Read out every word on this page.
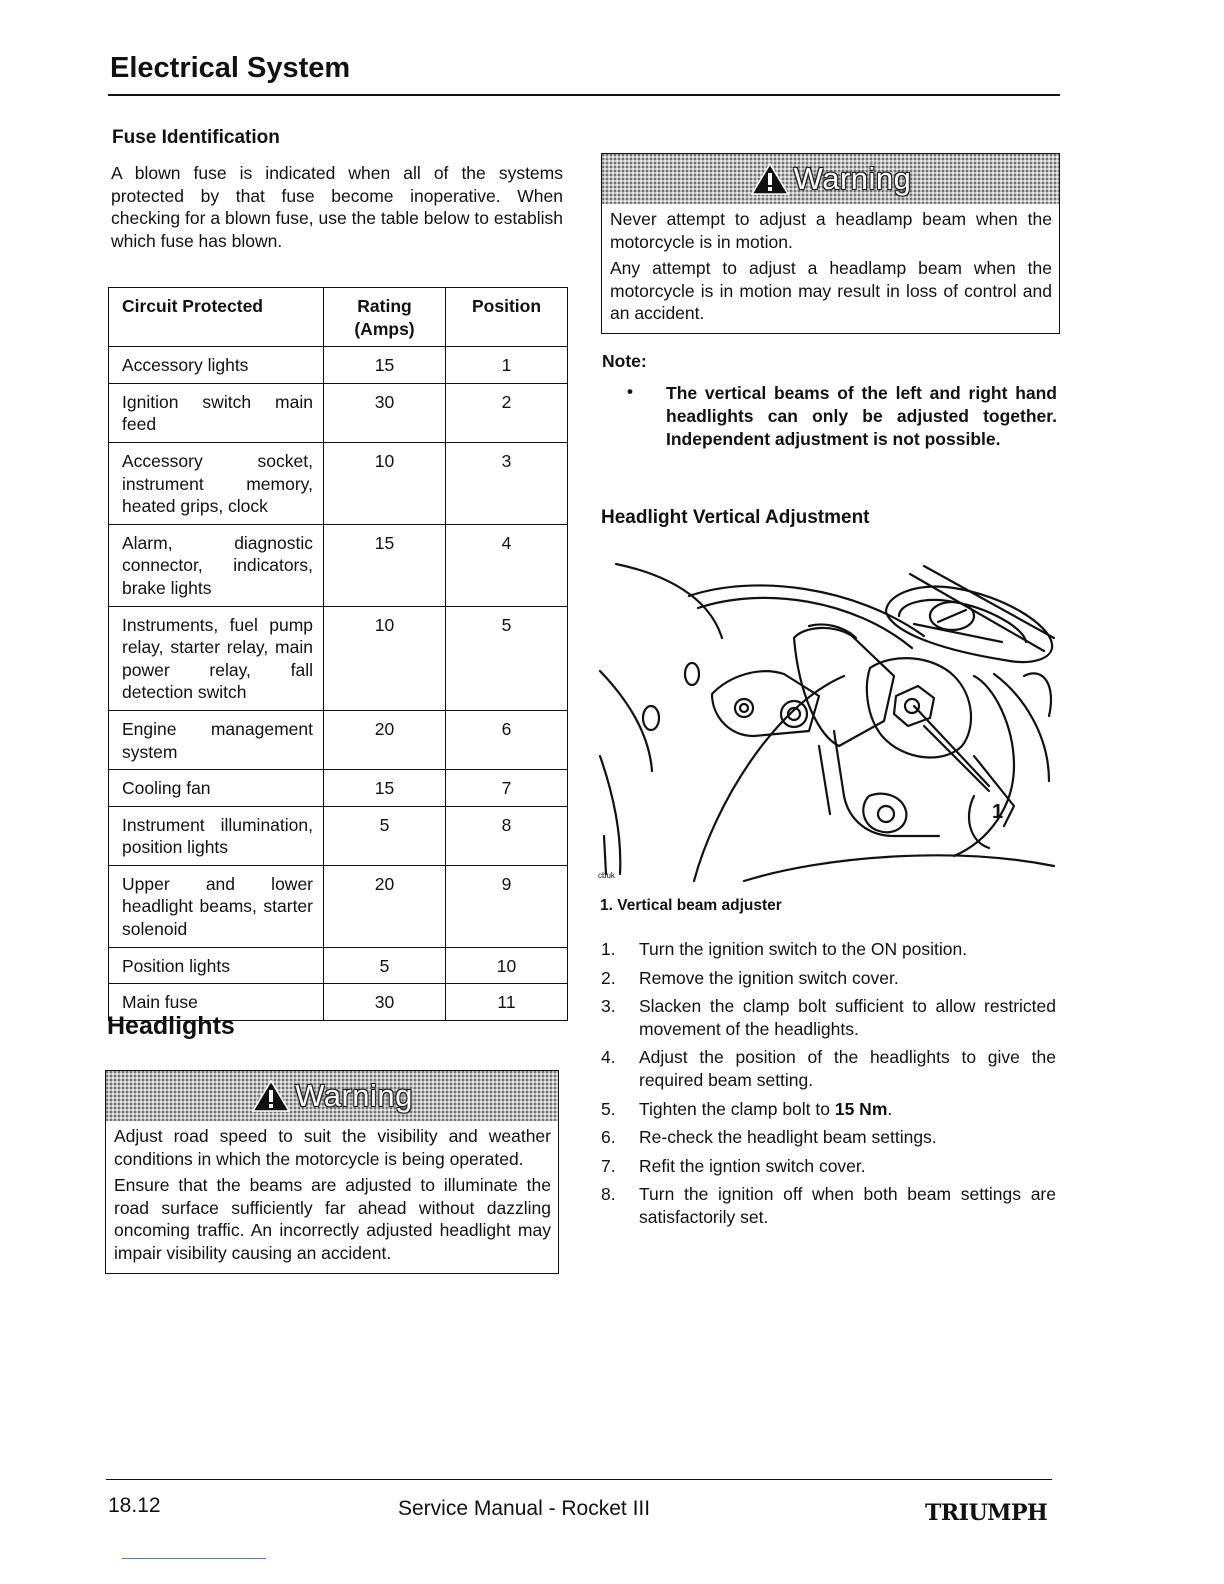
Electrical System
Fuse Identification
A blown fuse is indicated when all of the systems protected by that fuse become inoperative. When checking for a blown fuse, use the table below to establish which fuse has blown.
Circuit Protected	Rating (Amps)	Position
Accessory lights	15	1
Ignition switch main feed	30	2
Accessory socket, instrument memory, heated grips, clock	10	3
Alarm, diagnostic connector, indicators, brake lights	15	4
Instruments, fuel pump relay, starter relay, main power relay, fall detection switch	10	5
Engine management system	20	6
Cooling fan	15	7
Instrument illumination, position lights	5	8
Upper and lower headlight beams, starter solenoid	20	9
Position lights	5	10
Main fuse	30	11
Headlights
Warning

Adjust road speed to suit the visibility and weather conditions in which the motorcycle is being operated.

Ensure that the beams are adjusted to illuminate the road surface sufficiently far ahead without dazzling oncoming traffic. An incorrectly adjusted headlight may impair visibility causing an accident.

Warning

Never attempt to adjust a headlamp beam when the motorcycle is in motion.

Any attempt to adjust a headlamp beam when the motorcycle is in motion may result in loss of control and an accident.

Note:
• The vertical beams of the left and right hand headlights can only be adjusted together. Independent adjustment is not possible.
Headlight Vertical Adjustment
1
cbuk
1. Vertical beam adjuster
1. Turn the ignition switch to the ON position.
2. Remove the ignition switch cover.
3. Slacken the clamp bolt sufficient to allow restricted movement of the headlights.
4. Adjust the position of the headlights to give the required beam setting.
5. Tighten the clamp bolt to 15 Nm.
6. Re-check the headlight beam settings.
7. Refit the igntion switch cover.
8. Turn the ignition off when both beam settings are satisfactorily set.
18.12	Service Manual - Rocket III	TRIUMPH
